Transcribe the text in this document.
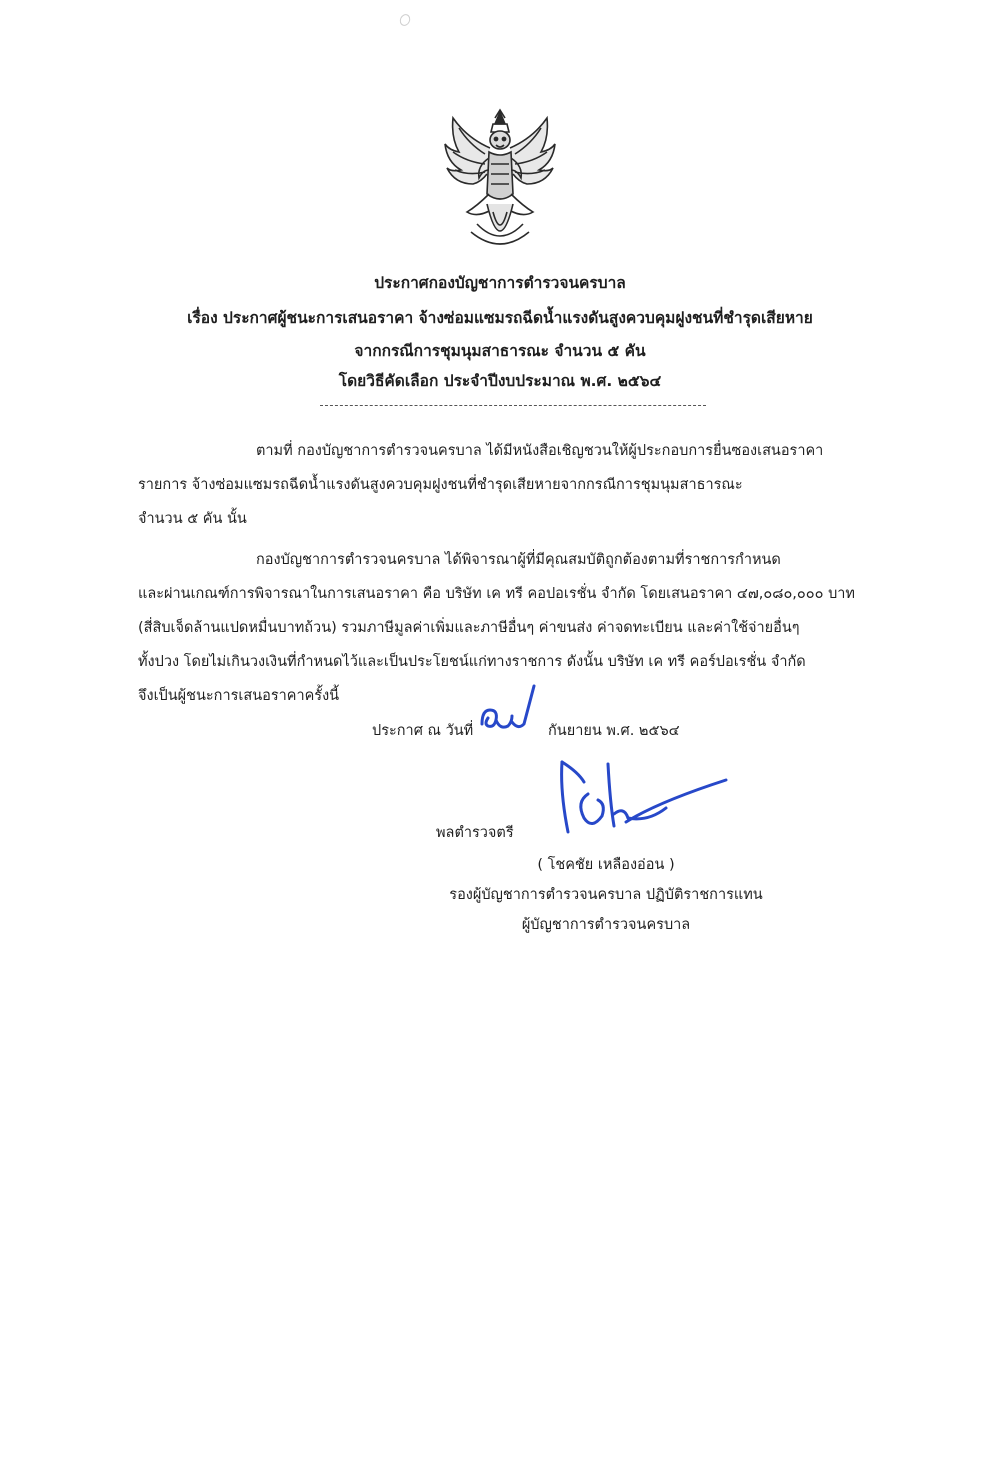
ประกาศกองบัญชาการตำรวจนครบาล
เรื่อง ประกาศผู้ชนะการเสนอราคา จ้างซ่อมแซมรถฉีดน้ำแรงดันสูงควบคุมฝูงชนที่ชำรุดเสียหาย
จากกรณีการชุมนุมสาธารณะ จำนวน ๕ คัน
โดยวิธีคัดเลือก ประจำปีงบประมาณ พ.ศ. ๒๕๖๔
ตามที่ กองบัญชาการตำรวจนครบาล ได้มีหนังสือเชิญชวนให้ผู้ประกอบการยื่นซองเสนอราคา
รายการ จ้างซ่อมแซมรถฉีดน้ำแรงดันสูงควบคุมฝูงชนที่ชำรุดเสียหายจากกรณีการชุมนุมสาธารณะ
จำนวน ๕ คัน นั้น
กองบัญชาการตำรวจนครบาล ได้พิจารณาผู้ที่มีคุณสมบัติถูกต้องตามที่ราชการกำหนด
และผ่านเกณฑ์การพิจารณาในการเสนอราคา คือ บริษัท เค ทรี คอปอเรชั่น จำกัด โดยเสนอราคา ๔๗,๐๘๐,๐๐๐ บาท
(สี่สิบเจ็ดล้านแปดหมื่นบาทถ้วน) รวมภาษีมูลค่าเพิ่มและภาษีอื่นๆ ค่าขนส่ง ค่าจดทะเบียน และค่าใช้จ่ายอื่นๆ
ทั้งปวง โดยไม่เกินวงเงินที่กำหนดไว้และเป็นประโยชน์แก่ทางราชการ ดังนั้น บริษัท เค ทรี คอร์ปอเรชั่น จำกัด
จึงเป็นผู้ชนะการเสนอราคาครั้งนี้
ประกาศ ณ วันที่	กันยายน พ.ศ. ๒๕๖๔
พลตำรวจตรี
( โชคชัย เหลืองอ่อน )
รองผู้บัญชาการตำรวจนครบาล ปฏิบัติราชการแทน
ผู้บัญชาการตำรวจนครบาล
